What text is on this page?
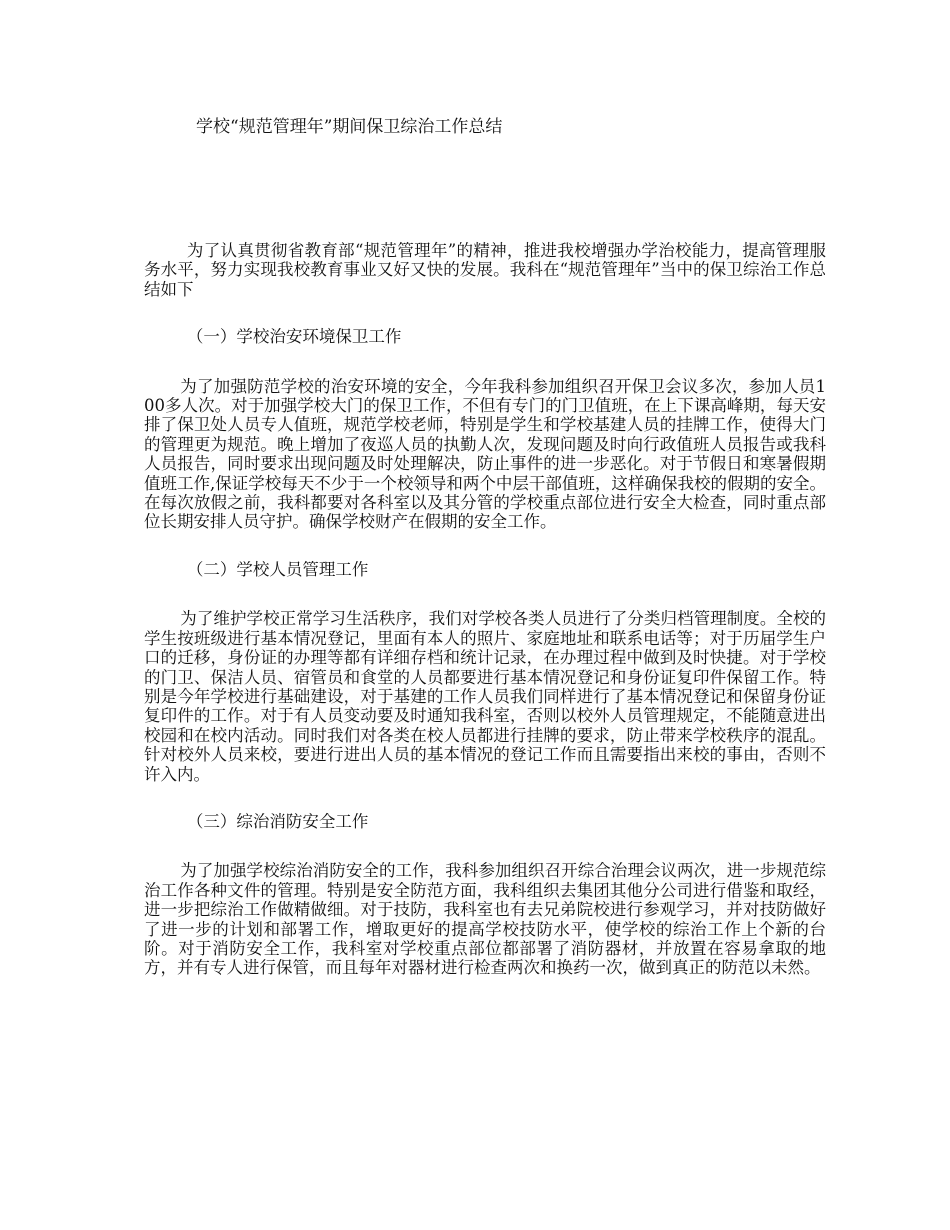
学校“规范管理年”期间保卫综治工作总结

为了认真贯彻省教育部“规范管理年”的精神，推进我校增强办学治校能力，提高管理服务水平，努力实现我校教育事业又好又快的发展。我科在“规范管理年”当中的保卫综治工作总结如下

（一）学校治安环境保卫工作

为了加强防范学校的治安环境的安全，今年我科参加组织召开保卫会议多次，参加人员100多人次。对于加强学校大门的保卫工作，不但有专门的门卫值班，在上下课高峰期，每天安排了保卫处人员专人值班，规范学校老师，特别是学生和学校基建人员的挂牌工作，使得大门的管理更为规范。晚上增加了夜巡人员的执勤人次，发现问题及时向行政值班人员报告或我科人员报告，同时要求出现问题及时处理解决，防止事件的进一步恶化。对于节假日和寒暑假期值班工作,保证学校每天不少于一个校领导和两个中层干部值班，这样确保我校的假期的安全。在每次放假之前，我科都要对各科室以及其分管的学校重点部位进行安全大检查，同时重点部位长期安排人员守护。确保学校财产在假期的安全工作。

（二）学校人员管理工作

为了维护学校正常学习生活秩序，我们对学校各类人员进行了分类归档管理制度。全校的学生按班级进行基本情况登记，里面有本人的照片、家庭地址和联系电话等；对于历届学生户口的迁移，身份证的办理等都有详细存档和统计记录，在办理过程中做到及时快捷。对于学校的门卫、保洁人员、宿管员和食堂的人员都要进行基本情况登记和身份证复印件保留工作。特别是今年学校进行基础建设，对于基建的工作人员我们同样进行了基本情况登记和保留身份证复印件的工作。对于有人员变动要及时通知我科室，否则以校外人员管理规定，不能随意进出校园和在校内活动。同时我们对各类在校人员都进行挂牌的要求，防止带来学校秩序的混乱。针对校外人员来校，要进行进出人员的基本情况的登记工作而且需要指出来校的事由，否则不许入内。

（三）综治消防安全工作

为了加强学校综治消防安全的工作，我科参加组织召开综合治理会议两次，进一步规范综治工作各种文件的管理。特别是安全防范方面，我科组织去集团其他分公司进行借鉴和取经，进一步把综治工作做精做细。对于技防，我科室也有去兄弟院校进行参观学习，并对技防做好了进一步的计划和部署工作，增取更好的提高学校技防水平，使学校的综治工作上个新的台阶。对于消防安全工作，我科室对学校重点部位都部署了消防器材，并放置在容易拿取的地方，并有专人进行保管，而且每年对器材进行检查两次和换药一次，做到真正的防范以未然。
